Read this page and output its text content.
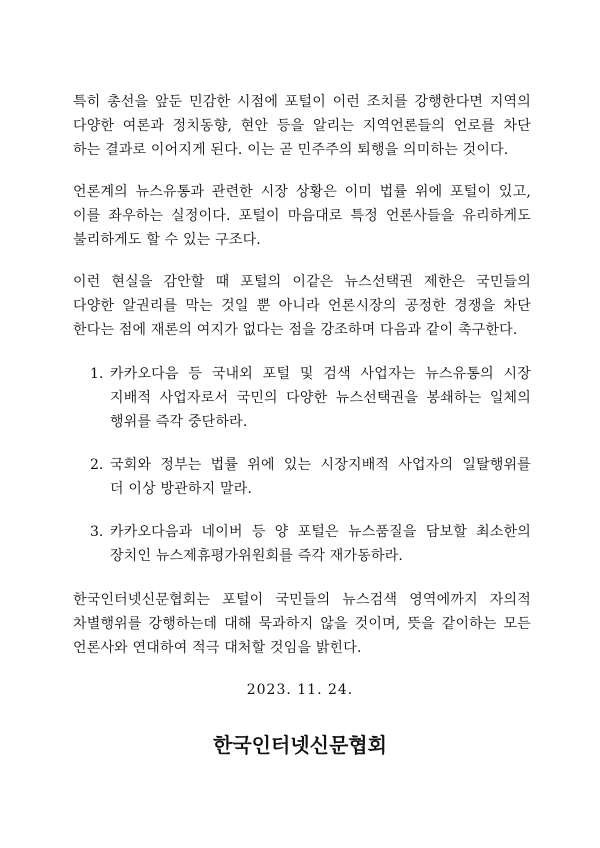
특히 총선을 앞둔 민감한 시점에 포털이 이런 조치를 강행한다면 지역의
다양한 여론과 정치동향, 현안 등을 알리는 지역언론들의 언로를 차단
하는 결과로 이어지게 된다. 이는 곧 민주주의 퇴행을 의미하는 것이다.
언론계의 뉴스유통과 관련한 시장 상황은 이미 법률 위에 포털이 있고,
이를 좌우하는 실정이다. 포털이 마음대로 특정 언론사들을 유리하게도
불리하게도 할 수 있는 구조다.
이런 현실을 감안할 때 포털의 이같은 뉴스선택권 제한은 국민들의
다양한 알권리를 막는 것일 뿐 아니라 언론시장의 공정한 경쟁을 차단
한다는 점에 재론의 여지가 없다는 점을 강조하며 다음과 같이 촉구한다.
1. 카카오다음 등 국내외 포털 및 검색 사업자는 뉴스유통의 시장
지배적 사업자로서 국민의 다양한 뉴스선택권을 봉쇄하는 일체의
행위를 즉각 중단하라.
2. 국회와 정부는 법률 위에 있는 시장지배적 사업자의 일탈행위를
더 이상 방관하지 말라.
3. 카카오다음과 네이버 등 양 포털은 뉴스품질을 담보할 최소한의
장치인 뉴스제휴평가위원회를 즉각 재가동하라.
한국인터넷신문협회는 포털이 국민들의 뉴스검색 영역에까지 자의적
차별행위를 강행하는데 대해 묵과하지 않을 것이며, 뜻을 같이하는 모든
언론사와 연대하여 적극 대처할 것임을 밝힌다.
2023. 11. 24.
한국인터넷신문협회
